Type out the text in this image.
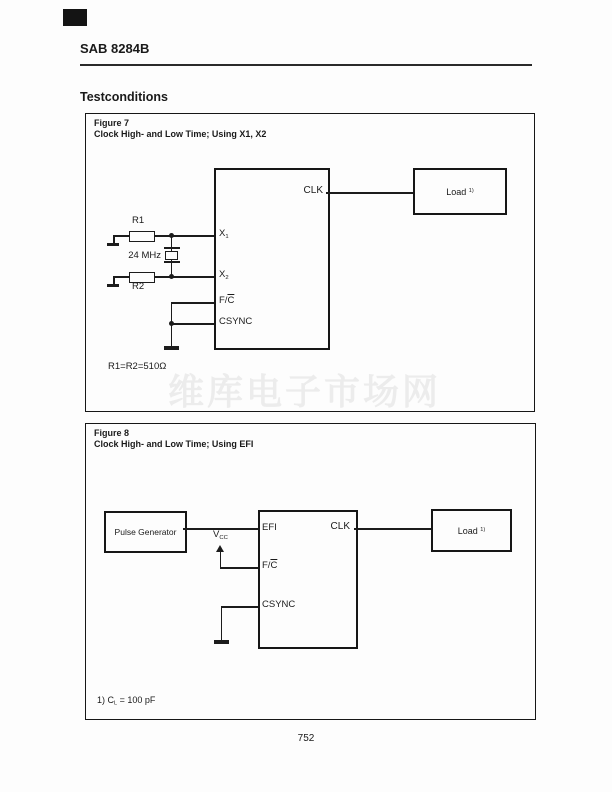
SAB 8284B
Testconditions
维库电子市场网
Figure 7
Clock High- and Low Time; Using X1, X2
Load $^{1)}$
R1
24 MHz
R2
$X_1$
$X_2$
$F/\overline{C}$
CSYNC
CLK
R1=R2=510Ω
Figure 8
Clock High- and Low Time; Using EFI
Pulse Generator	Load $^{1)}$
$V_{CC}$
EFI
$F/\overline{C}$
CSYNC
CLK
1) $C_L = 100$ pF
752
